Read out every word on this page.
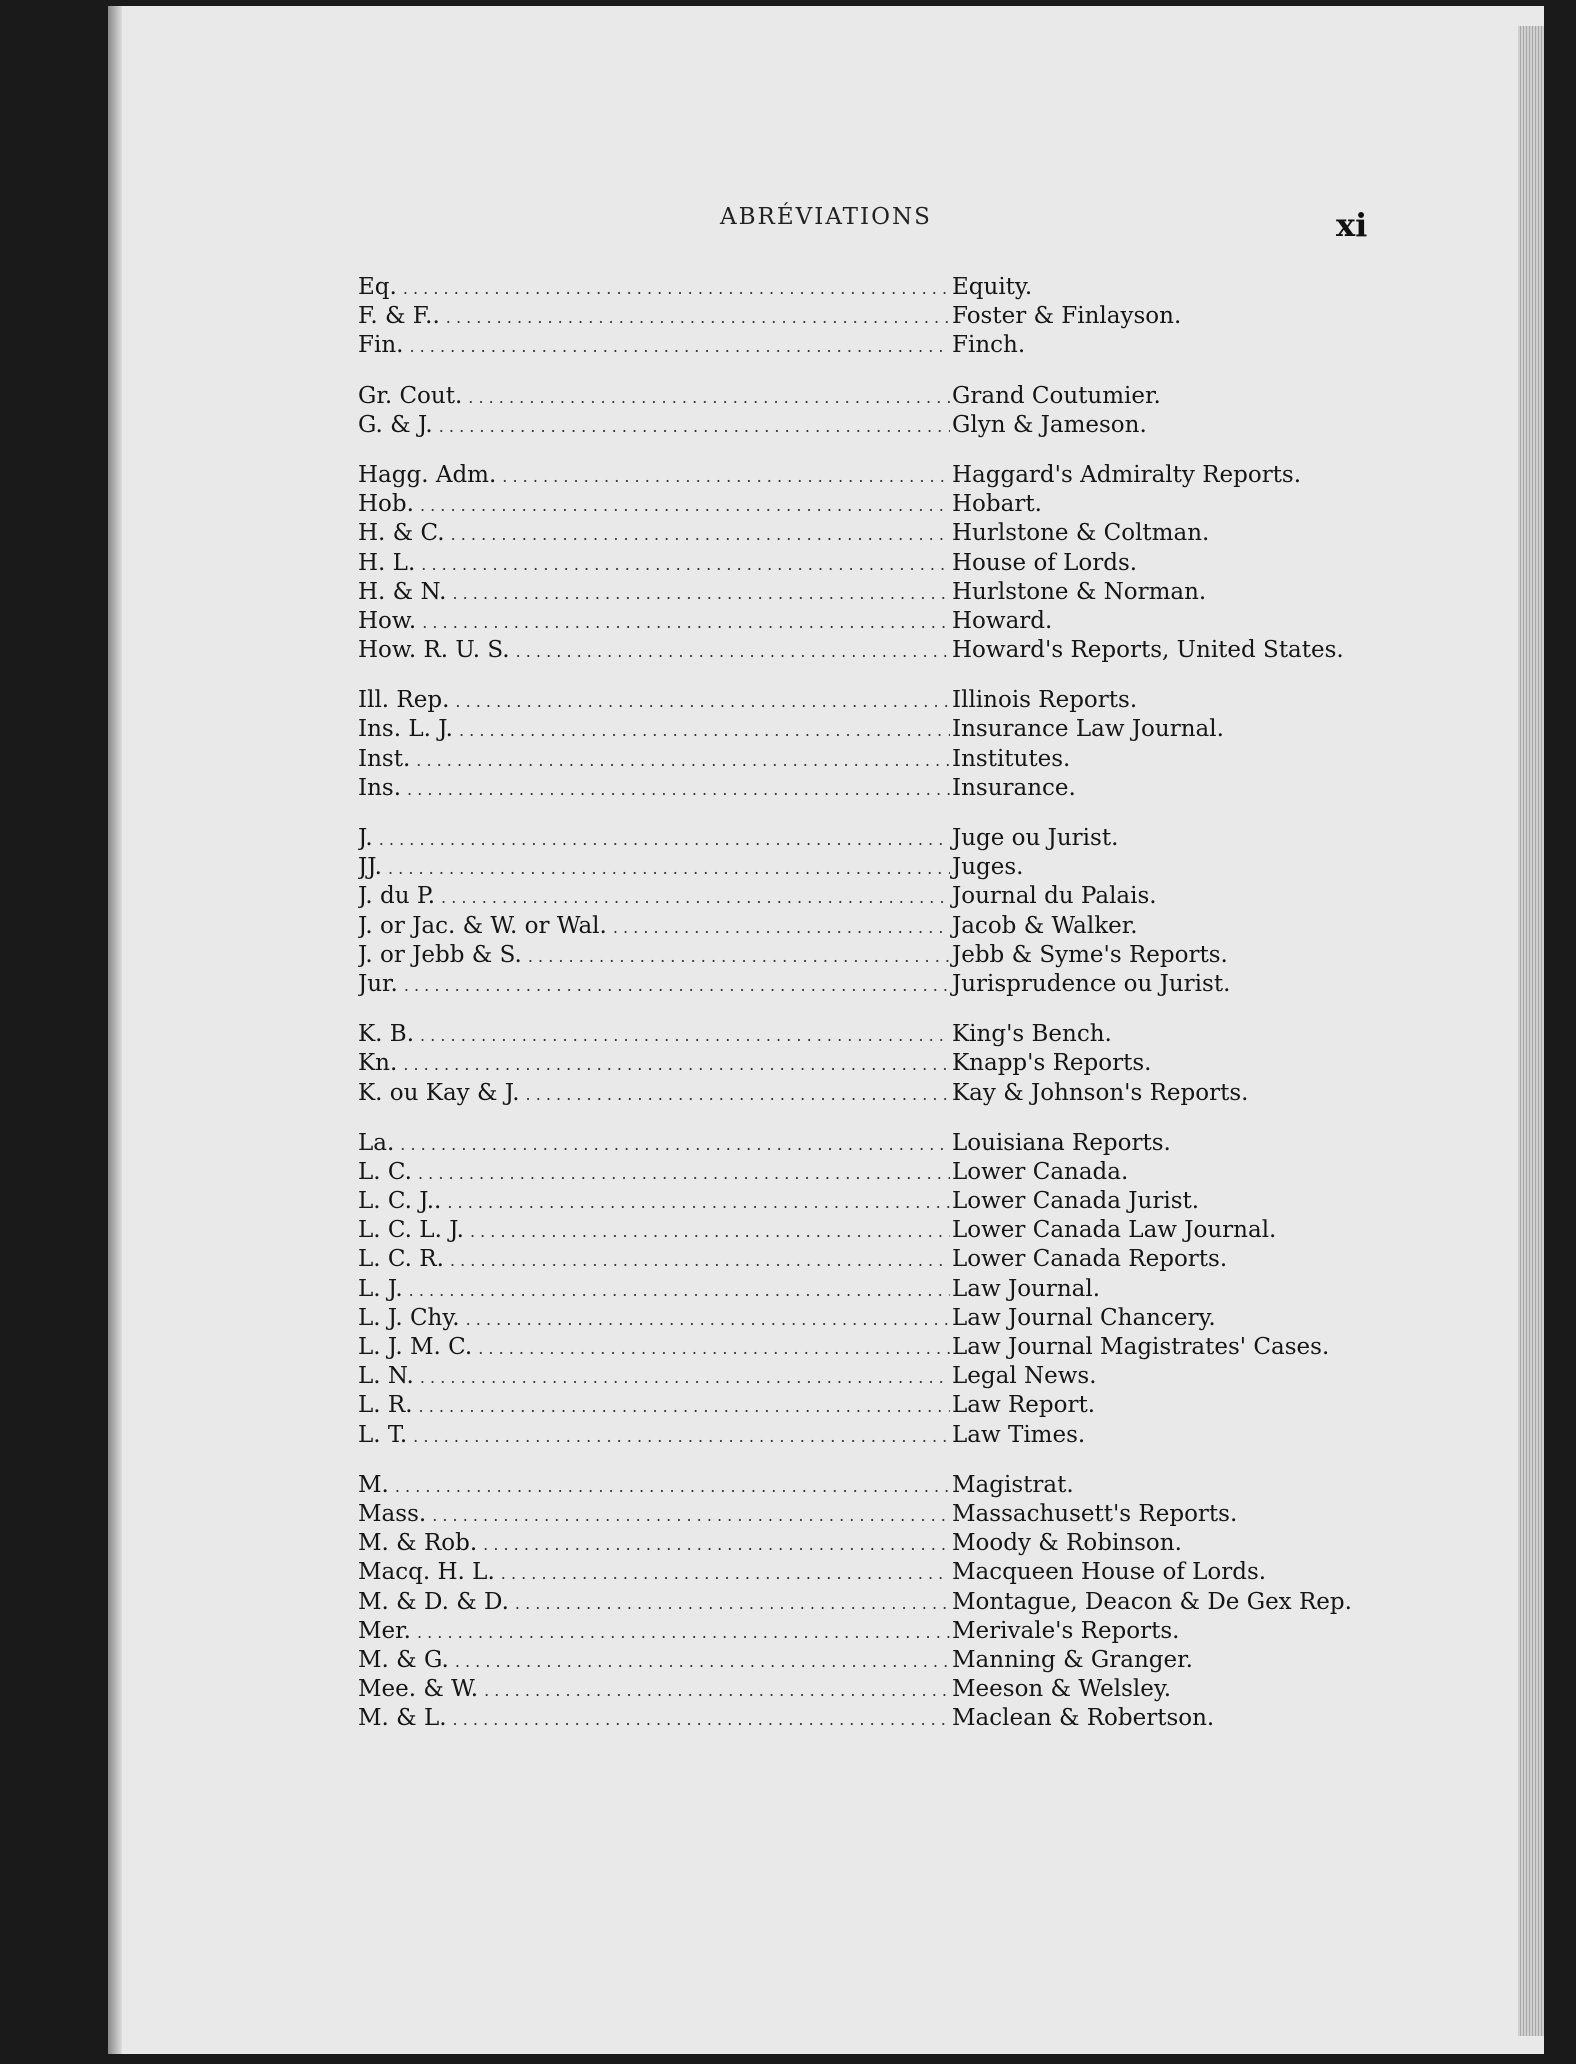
ABRÉVIATIONS	xi
Eq. . . .	Equity.
F. & F.. . . .	Foster & Finlayson.
Fin. . . .	Finch.
Gr. Cout. . . .	Grand Coutumier.
G. & J. . . .	Glyn & Jameson.
Hagg. Adm. . . .	Haggard's Admiralty Reports.
Hob. . . .	Hobart.
H. & C. . . .	Hurlstone & Coltman.
H. L. . . .	House of Lords.
H. & N. . . .	Hurlstone & Norman.
How. . . .	Howard.
How. R. U. S. . . .	Howard's Reports, United States.
Ill. Rep. . . .	Illinois Reports.
Ins. L. J. . . .	Insurance Law Journal.
Inst. . . .	Institutes.
Ins. . . .	Insurance.
J. . . .	Juge ou Jurist.
JJ. . . .	Juges.
J. du P. . . .	Journal du Palais.
J. or Jac. & W. or Wal. . . .	Jacob & Walker.
J. or Jebb & S. . . .	Jebb & Syme's Reports.
Jur. . . .	Jurisprudence ou Jurist.
K. B. . . .	King's Bench.
Kn. . . .	Knapp's Reports.
K. ou Kay & J. . . .	Kay & Johnson's Reports.
La. . . .	Louisiana Reports.
L. C. . . .	Lower Canada.
L. C. J.. . . .	Lower Canada Jurist.
L. C. L. J. . . .	Lower Canada Law Journal.
L. C. R. . . .	Lower Canada Reports.
L. J. . . .	Law Journal.
L. J. Chy. . . .	Law Journal Chancery.
L. J. M. C. . . .	Law Journal Magistrates' Cases.
L. N. . . .	Legal News.
L. R. . . .	Law Report.
L. T. . . .	Law Times.
M. . . .	Magistrat.
Mass. . . .	Massachusett's Reports.
M. & Rob. . . .	Moody & Robinson.
Macq. H. L. . . .	Macqueen House of Lords.
M. & D. & D. . . .	Montague, Deacon & De Gex Rep.
Mer. . . .	Merivale's Reports.
M. & G. . . .	Manning & Granger.
Mee. & W. . . .	Meeson & Welsley.
M. & L. . . .	Maclean & Robertson.
